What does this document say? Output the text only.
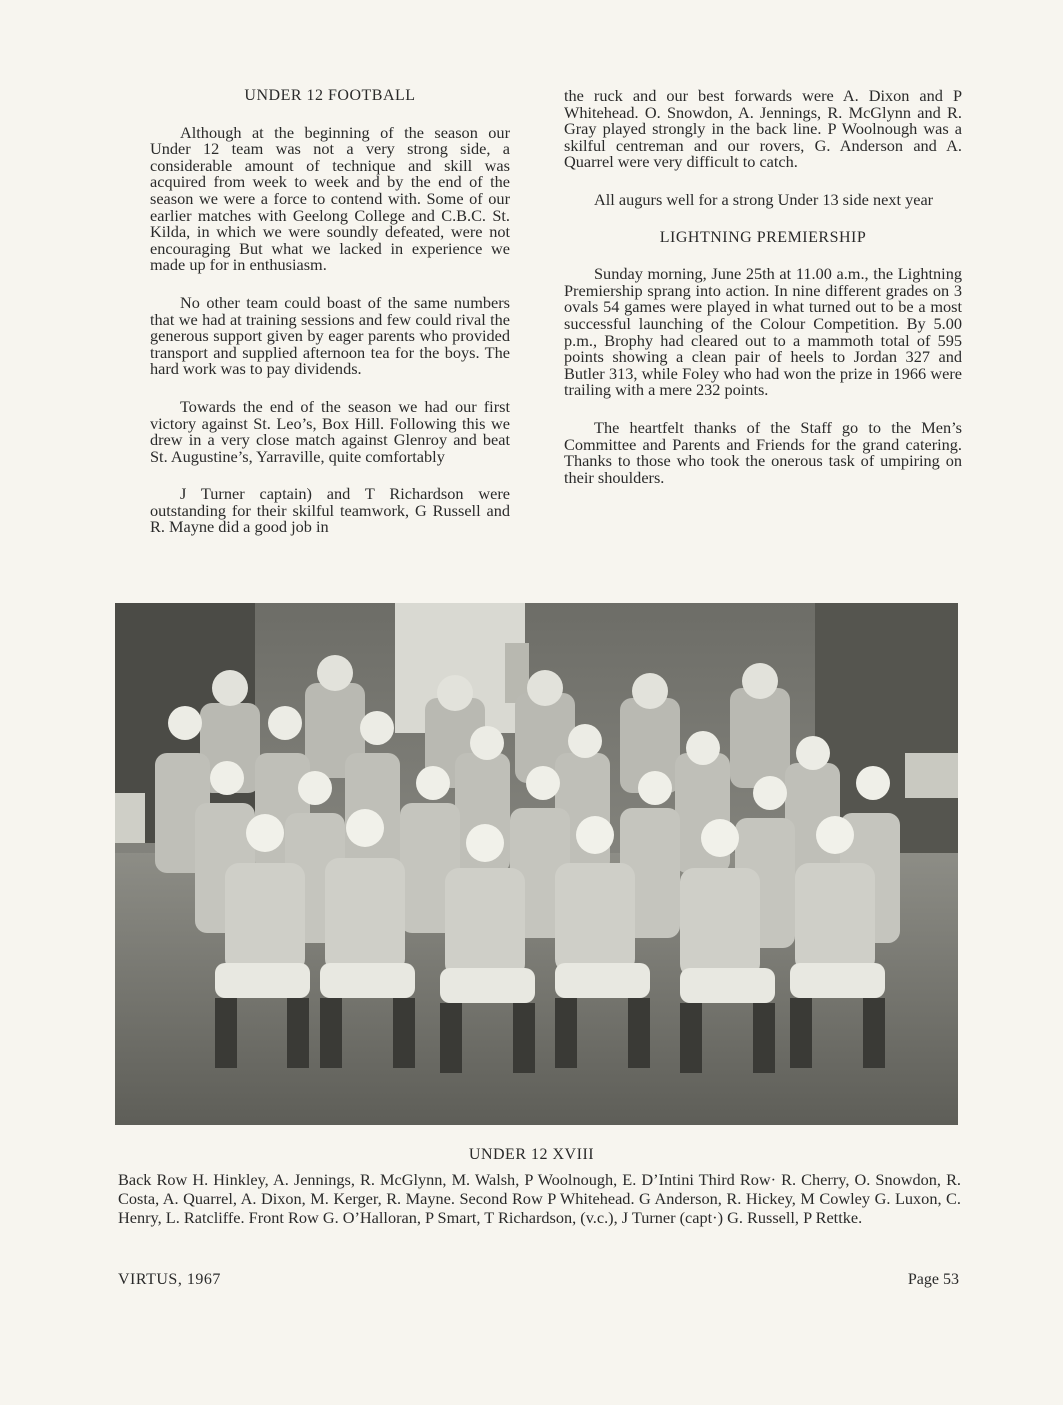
UNDER 12 FOOTBALL

Although at the beginning of the season our Under 12 team was not a very strong side, a considerable amount of technique and skill was acquired from week to week and by the end of the season we were a force to contend with. Some of our earlier matches with Geelong College and C.B.C. St. Kilda, in which we were soundly defeated, were not encouraging But what we lacked in experience we made up for in enthusiasm.

No other team could boast of the same numbers that we had at training sessions and few could rival the generous support given by eager parents who provided transport and supplied afternoon tea for the boys. The hard work was to pay dividends.

Towards the end of the season we had our first victory against St. Leo’s, Box Hill. Following this we drew in a very close match against Glenroy and beat St. Augustine’s, Yarraville, quite comfortably

J Turner captain) and T Richardson were outstanding for their skilful teamwork, G Russell and R. Mayne did a good job in

the ruck and our best forwards were A. Dixon and P Whitehead. O. Snowdon, A. Jennings, R. McGlynn and R. Gray played strongly in the back line. P Woolnough was a skilful centreman and our rovers, G. Anderson and A. Quarrel were very difficult to catch.

All augurs well for a strong Under 13 side next year

LIGHTNING PREMIERSHIP

Sunday morning, June 25th at 11.00 a.m., the Lightning Premiership sprang into action. In nine different grades on 3 ovals 54 games were played in what turned out to be a most successful launching of the Colour Competition. By 5.00 p.m., Brophy had cleared out to a mammoth total of 595 points showing a clean pair of heels to Jordan 327 and Butler 313, while Foley who had won the prize in 1966 were trailing with a mere 232 points.

The heartfelt thanks of the Staff go to the Men’s Committee and Parents and Friends for the grand catering. Thanks to those who took the onerous task of umpiring on their shoulders.

UNDER 12 XVIII
Back Row H. Hinkley, A. Jennings, R. McGlynn, M. Walsh, P Woolnough, E. D’Intini Third Row· R. Cherry, O. Snowdon, R. Costa, A. Quarrel, A. Dixon, M. Kerger, R. Mayne. Second Row P Whitehead. G Anderson, R. Hickey, M Cowley G. Luxon, C. Henry, L. Ratcliffe. Front Row G. O’Halloran, P Smart, T Richardson, (v.c.), J Turner (capt·) G. Russell, P Rettke.
VIRTUS, 1967	Page 53
